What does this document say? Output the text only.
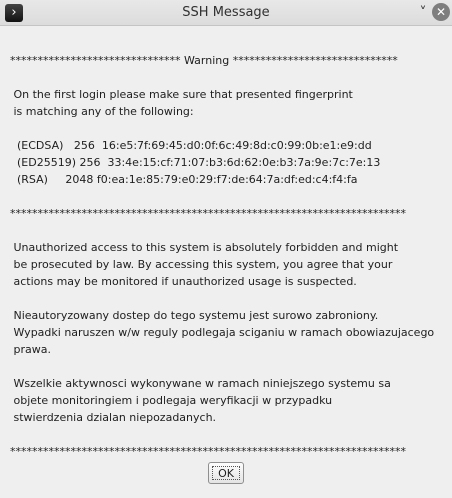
›	SSH Message	˅ ✕
******************************* Warning ******************************
On the first login please make sure that presented fingerprint
is matching any of the following:
(ECDSA)   256  16:e5:7f:69:45:d0:0f:6c:49:8d:c0:99:0b:e1:e9:dd
(ED25519) 256  33:4e:15:cf:71:07:b3:6d:62:0e:b3:7a:9e:7c:7e:13
(RSA)     2048 f0:ea:1e:85:79:e0:29:f7:de:64:7a:df:ed:c4:f4:fa
************************************************************************
Unauthorized access to this system is absolutely forbidden and might
be prosecuted by law. By accessing this system, you agree that your
actions may be monitored if unauthorized usage is suspected.
Nieautoryzowany dostep do tego systemu jest surowo zabroniony.
Wypadki naruszen w/w reguly podlegaja sciganiu w ramach obowiazujacego
prawa.
Wszelkie aktywnosci wykonywane w ramach niniejszego systemu sa
objete monitoringiem i podlegaja weryfikacji w przypadku
stwierdzenia dzialan niepozadanych.
************************************************************************
OK
